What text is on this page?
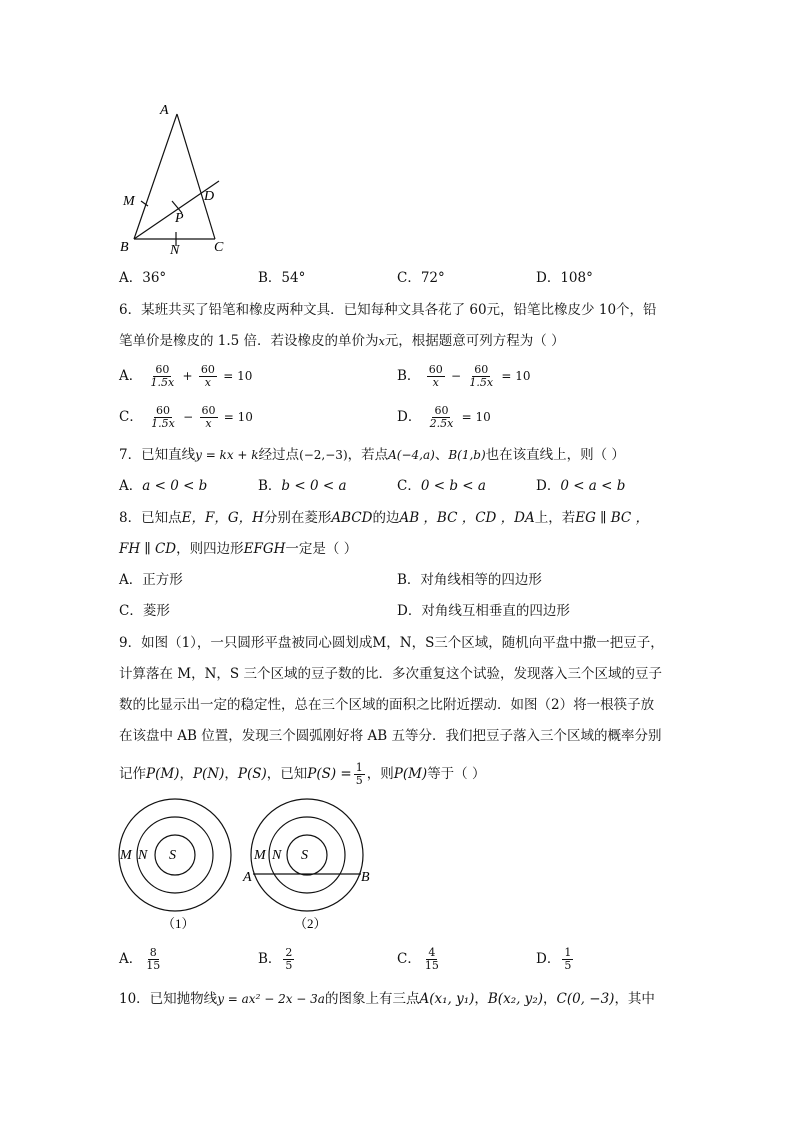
A
M	D
P
B	N C
A．36°	B．54°	C．72°	D．108°
6．某班共买了铅笔和橡皮两种文具．已知每种文具各花了 60元，铅笔比橡皮少 10个，铅
笔单价是橡皮的 1.5 倍．若设橡皮的单价为x元，根据题意可列方程为（ ）
A． $\frac{60}{1.5x} + \frac{60}{x} = 10$	B． $\frac{60}{x} - \frac{60}{1.5x} = 10$
C． $\frac{60}{1.5x} - \frac{60}{x} = 10$	D． $\frac{60}{2.5x} = 10$
7．已知直线y = kx + k经过点(−2,−3)，若点A(−4,a)、B(1,b)也在该直线上，则（ ）
A．a < 0 < b	B．b < 0 < a	C．0 < b < a	D．0 < a < b
8．已知点E，F，G，H分别在菱形ABCD的边AB ，BC ，CD ，DA上，若EG ∥ BC ，
FH ∥ CD，则四边形EFGH一定是（ ）
A．正方形	B．对角线相等的四边形
C．菱形	D．对角线互相垂直的四边形
9．如图（1），一只圆形平盘被同心圆划成M，N，S三个区域，随机向平盘中撒一把豆子，
计算落在 M，N，S 三个区域的豆子数的比．多次重复这个试验，发现落入三个区域的豆子
数的比显示出一定的稳定性，总在三个区域的面积之比附近摆动．如图（2）将一根筷子放
在该盘中 AB 位置，发现三个圆弧刚好将 AB 五等分．我们把豆子落入三个区域的概率分别
记作P(M)，P(N)，P(S)，已知$P(S) = \frac{1}{5}$ ，则P(M)等于（ ）
M N S
（1）
M N S
A	B
（2）
A． $\frac{8}{15}$	B． $\frac{2}{5}$	C． $\frac{4}{15}$	D． $\frac{1}{5}$
10．已知抛物线y = ax² − 2x − 3a的图象上有三点A(x₁, y₁)，B(x₂, y₂)，C(0, −3)，其中
